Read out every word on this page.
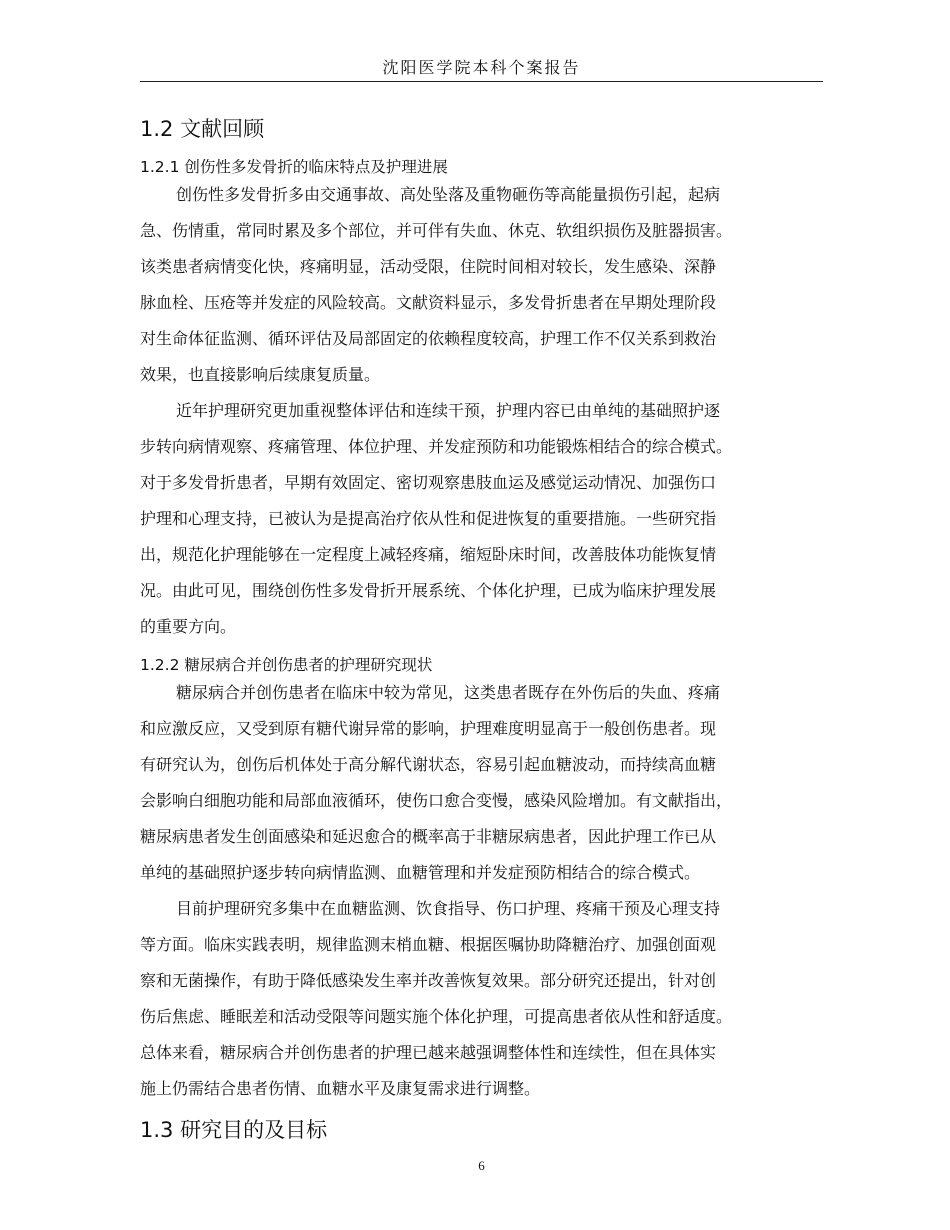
沈阳医学院本科个案报告
1.2 文献回顾
1.2.1 创伤性多发骨折的临床特点及护理进展
创伤性多发骨折多由交通事故、高处坠落及重物砸伤等高能量损伤引起，起病
急、伤情重，常同时累及多个部位，并可伴有失血、休克、软组织损伤及脏器损害。
该类患者病情变化快，疼痛明显，活动受限，住院时间相对较长，发生感染、深静
脉血栓、压疮等并发症的风险较高。文献资料显示，多发骨折患者在早期处理阶段
对生命体征监测、循环评估及局部固定的依赖程度较高，护理工作不仅关系到救治
效果，也直接影响后续康复质量。
近年护理研究更加重视整体评估和连续干预，护理内容已由单纯的基础照护逐
步转向病情观察、疼痛管理、体位护理、并发症预防和功能锻炼相结合的综合模式。
对于多发骨折患者，早期有效固定、密切观察患肢血运及感觉运动情况、加强伤口
护理和心理支持，已被认为是提高治疗依从性和促进恢复的重要措施。一些研究指
出，规范化护理能够在一定程度上减轻疼痛，缩短卧床时间，改善肢体功能恢复情
况。由此可见，围绕创伤性多发骨折开展系统、个体化护理，已成为临床护理发展
的重要方向。
1.2.2 糖尿病合并创伤患者的护理研究现状
糖尿病合并创伤患者在临床中较为常见，这类患者既存在外伤后的失血、疼痛
和应激反应，又受到原有糖代谢异常的影响，护理难度明显高于一般创伤患者。现
有研究认为，创伤后机体处于高分解代谢状态，容易引起血糖波动，而持续高血糖
会影响白细胞功能和局部血液循环，使伤口愈合变慢，感染风险增加。有文献指出，
糖尿病患者发生创面感染和延迟愈合的概率高于非糖尿病患者，因此护理工作已从
单纯的基础照护逐步转向病情监测、血糖管理和并发症预防相结合的综合模式。
目前护理研究多集中在血糖监测、饮食指导、伤口护理、疼痛干预及心理支持
等方面。临床实践表明，规律监测末梢血糖、根据医嘱协助降糖治疗、加强创面观
察和无菌操作，有助于降低感染发生率并改善恢复效果。部分研究还提出，针对创
伤后焦虑、睡眠差和活动受限等问题实施个体化护理，可提高患者依从性和舒适度。
总体来看，糖尿病合并创伤患者的护理已越来越强调整体性和连续性，但在具体实
施上仍需结合患者伤情、血糖水平及康复需求进行调整。
1.3 研究目的及目标
6
